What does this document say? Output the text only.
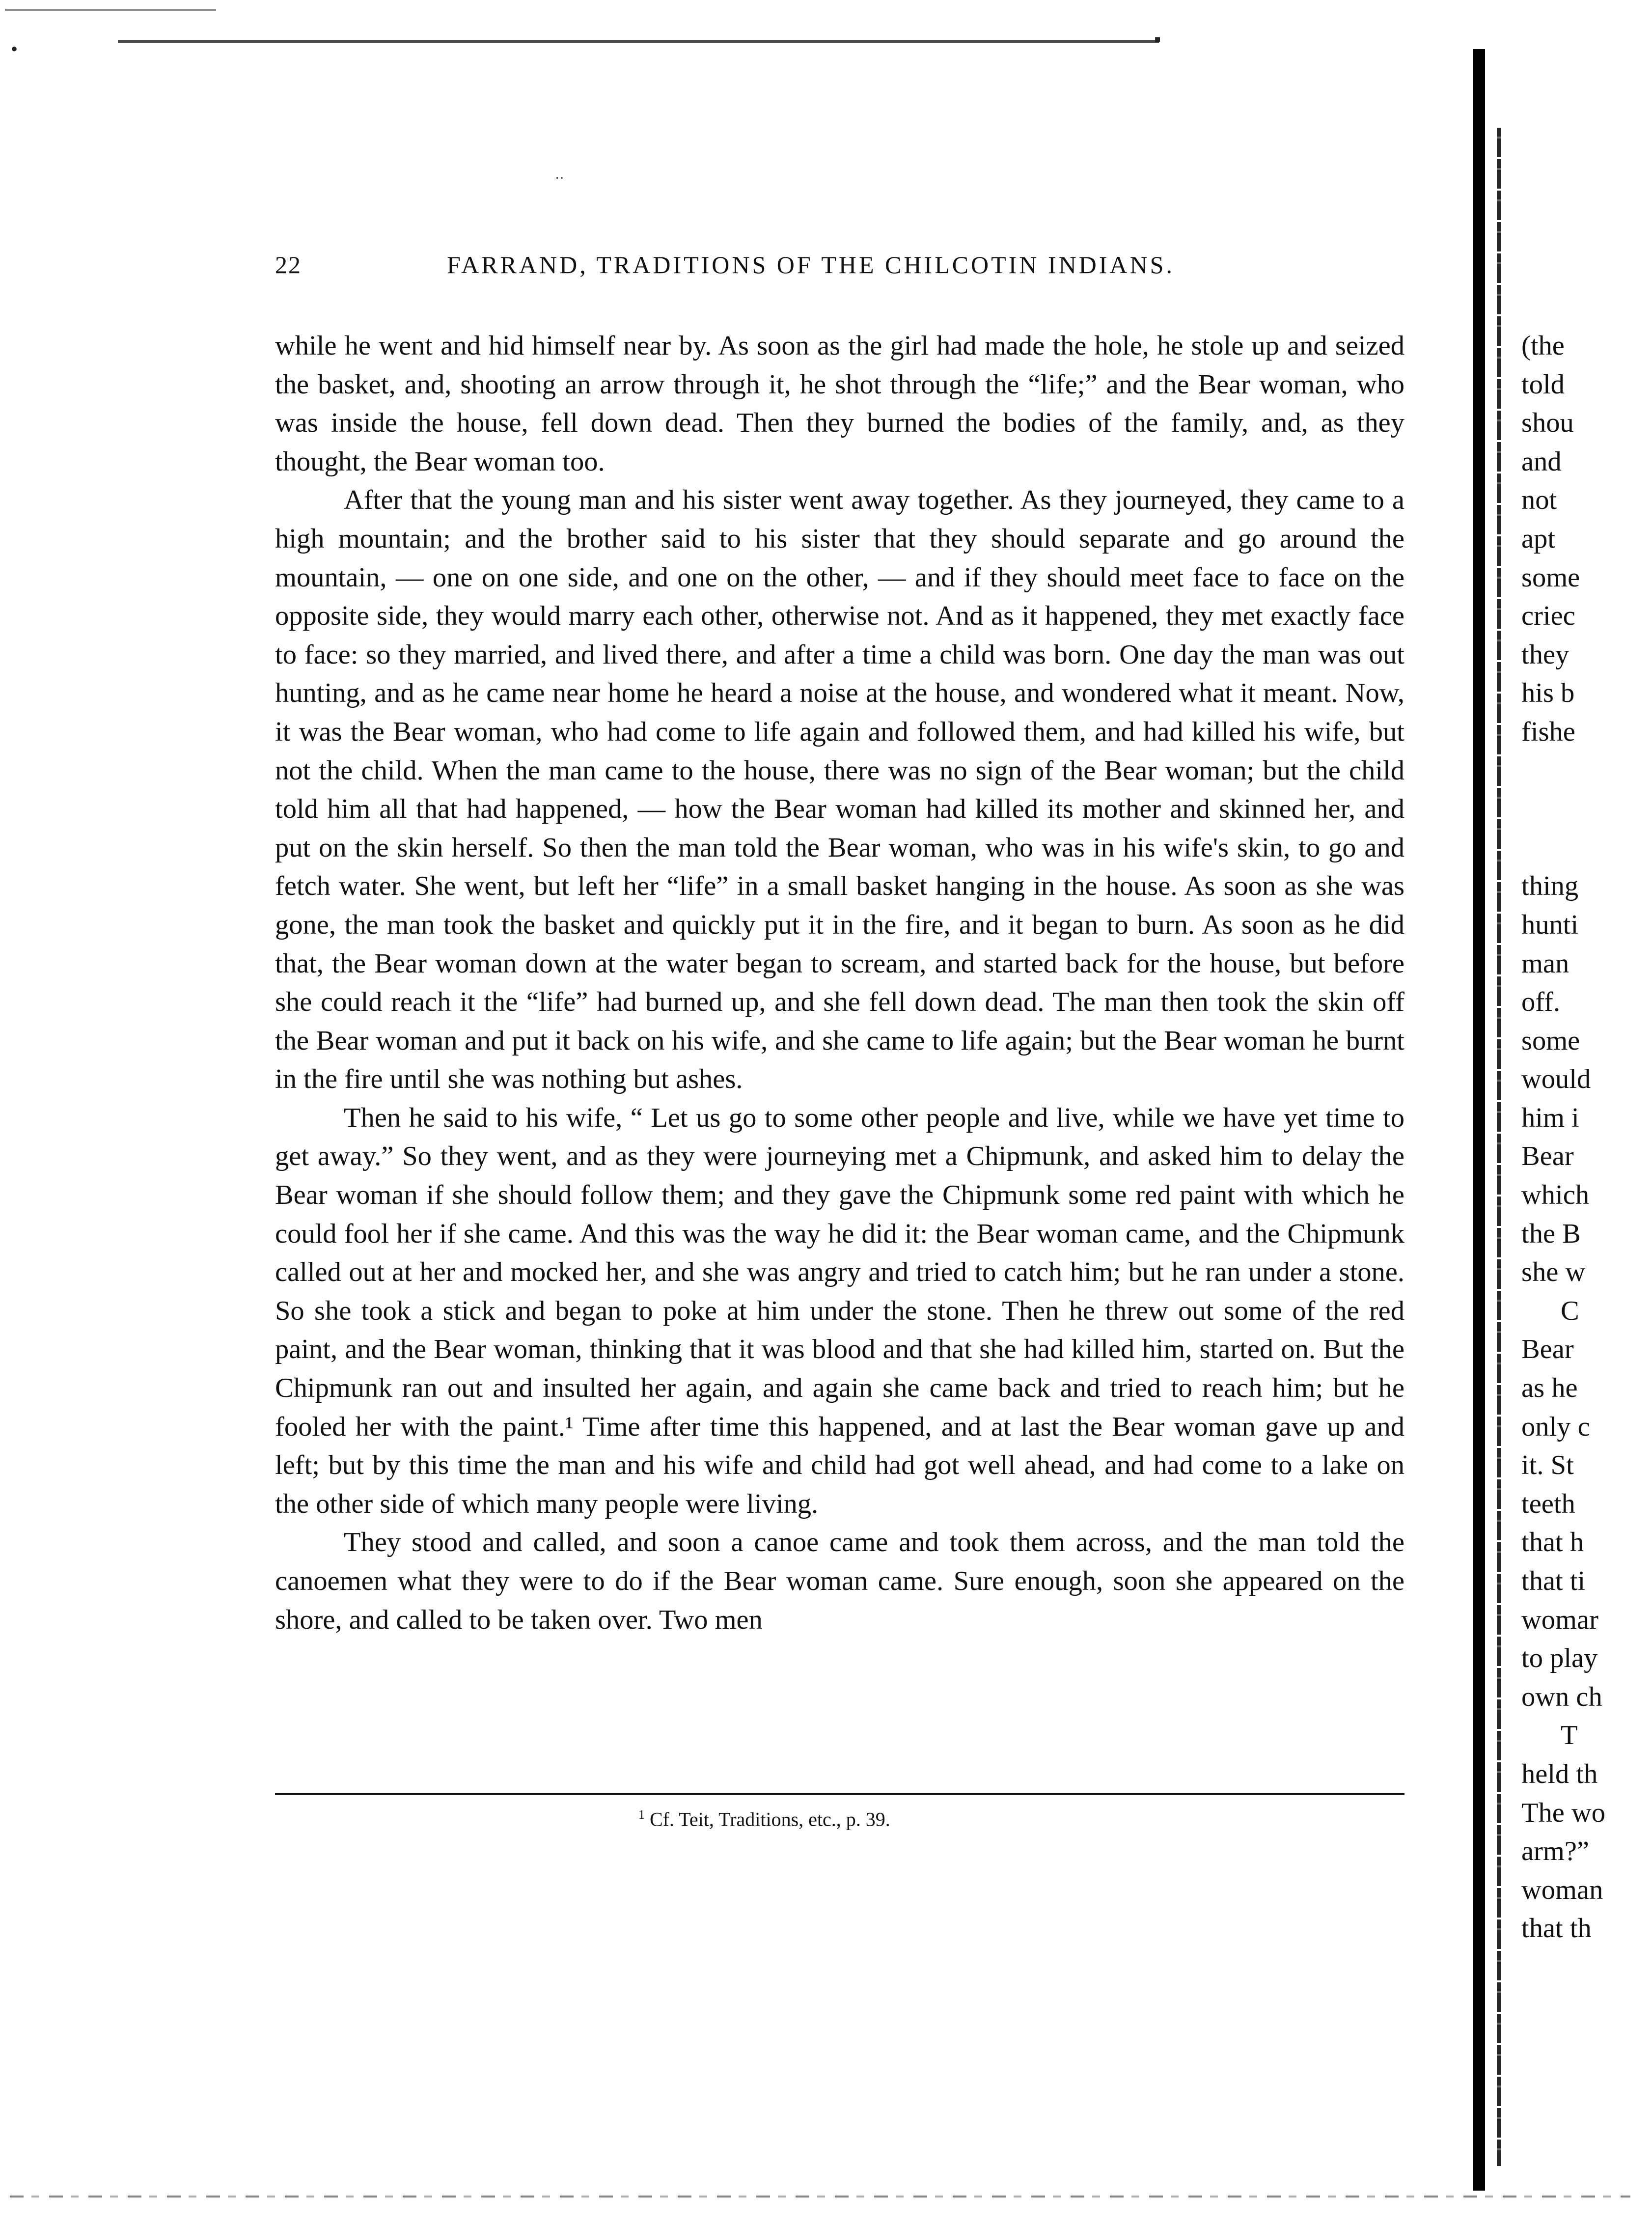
•	▪
··
22	FARRAND, TRADITIONS OF THE CHILCOTIN INDIANS.

while he went and hid himself near by. As soon as the girl had made the hole, he stole up and seized the basket, and, shooting an arrow through it, he shot through the “life;” and the Bear woman, who was inside the house, fell down dead. Then they burned the bodies of the family, and, as they thought, the Bear woman too.

After that the young man and his sister went away together. As they journeyed, they came to a high mountain; and the brother said to his sister that they should separate and go around the mountain, — one on one side, and one on the other, — and if they should meet face to face on the opposite side, they would marry each other, otherwise not. And as it happened, they met exactly face to face: so they married, and lived there, and after a time a child was born. One day the man was out hunting, and as he came near home he heard a noise at the house, and wondered what it meant. Now, it was the Bear woman, who had come to life again and followed them, and had killed his wife, but not the child. When the man came to the house, there was no sign of the Bear woman; but the child told him all that had happened, — how the Bear woman had killed its mother and skinned her, and put on the skin herself. So then the man told the Bear woman, who was in his wife's skin, to go and fetch water. She went, but left her “life” in a small basket hanging in the house. As soon as she was gone, the man took the basket and quickly put it in the fire, and it began to burn. As soon as he did that, the Bear woman down at the water began to scream, and started back for the house, but before she could reach it the “life” had burned up, and she fell down dead. The man then took the skin off the Bear woman and put it back on his wife, and she came to life again; but the Bear woman he burnt in the fire until she was nothing but ashes.

Then he said to his wife, “ Let us go to some other people and live, while we have yet time to get away.” So they went, and as they were journeying met a Chipmunk, and asked him to delay the Bear woman if she should follow them; and they gave the Chipmunk some red paint with which he could fool her if she came. And this was the way he did it: the Bear woman came, and the Chipmunk called out at her and mocked her, and she was angry and tried to catch him; but he ran under a stone. So she took a stick and began to poke at him under the stone. Then he threw out some of the red paint, and the Bear woman, thinking that it was blood and that she had killed him, started on. But the Chipmunk ran out and insulted her again, and again she came back and tried to reach him; but he fooled her with the paint.¹ Time after time this happened, and at last the Bear woman gave up and left; but by this time the man and his wife and child had got well ahead, and had come to a lake on the other side of which many people were living.

They stood and called, and soon a canoe came and took them across, and the man told the canoemen what they were to do if the Bear woman came. Sure enough, soon she appeared on the shore, and called to be taken over. Two men

$^1$ Cf. Teit, Traditions, etc., p. 39.
(the
told
shou
and
not
apt
some
criec
they
his b
fishe
thing
hunti
man
off.
some
would
him i
Bear
which
the B
she w
C
Bear
as he
only c
it. St
teeth
that h
that ti
womar
to play
own ch
T
held th
The wo
arm?”
woman
that th
